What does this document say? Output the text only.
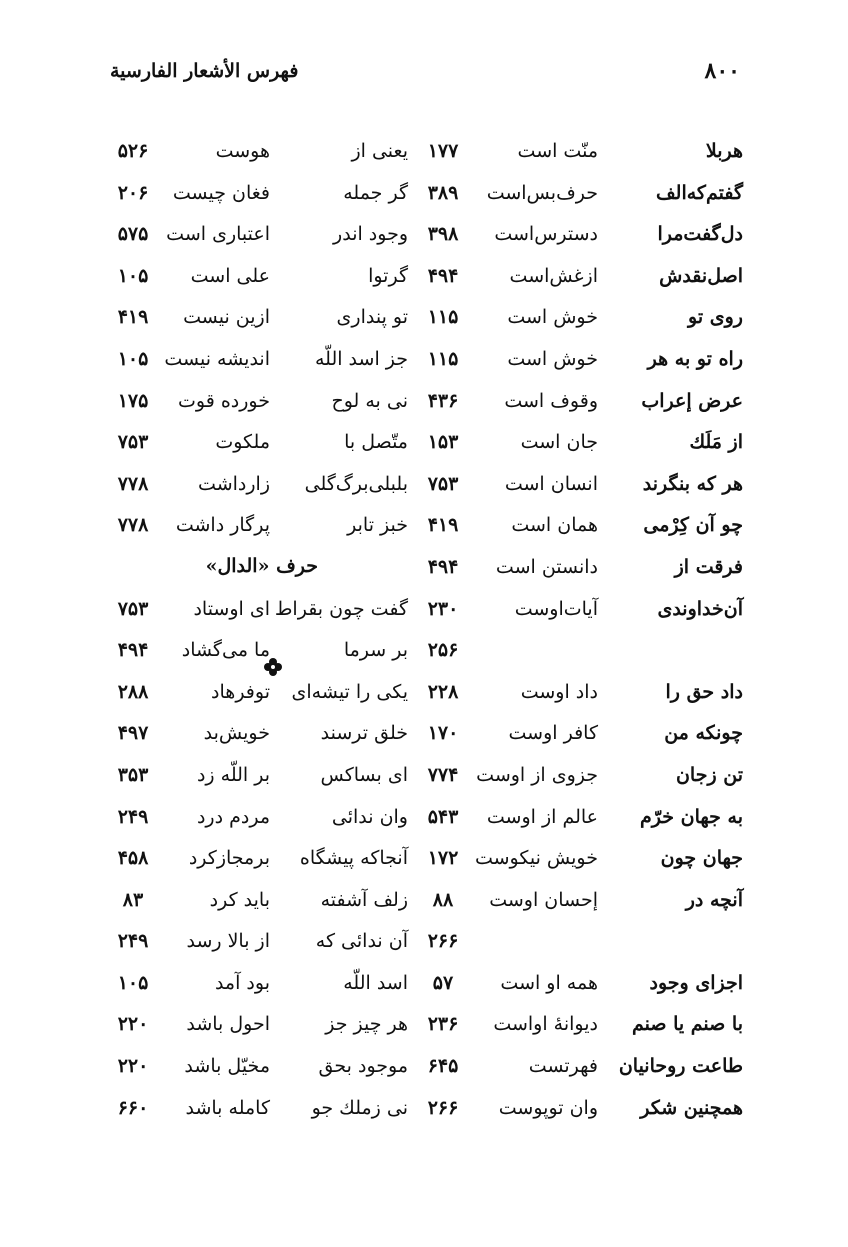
۸۰۰
فهرس الأشعار الفارسية
هربلا
منّت است
۱۷۷
یعنی از
هوست
۵۲۶
گفتم‌که‌الف
حرف‌بس‌است
۳۸۹
گر جمله
فغان چیست
۲۰۶
دل‌گفت‌مرا
دسترس‌است
۳۹۸
وجود اندر
اعتباری است
۵۷۵
اصل‌نقدش
ازغش‌است
۴۹۴
گرتوا
علی است
۱۰۵
روی تو
خوش است
۱۱۵
تو پنداری
ازین نیست
۴۱۹
راه تو به هر
خوش است
۱۱۵
جز اسد اللّه
اندیشه نیست
۱۰۵
عرض إعراب
وقوف است
۴۳۶
نی به لوح
خورده قوت
۱۷۵
از مَلَك
جان است
۱۵۳
متّصل با
ملکوت
۷۵۳
هر که بنگرند
انسان است
۷۵۳
بلبلی‌برگ‌گلی
زارداشت
۷۷۸
چو آن کِرْمی
همان است
۴۱۹
خبز تابر
پرگار داشت
۷۷۸
فرقت از
دانستن است
۴۹۴
حرف «الدال»
آن‌خداوندی
آیات‌اوست
۲۳۰
گفت چون بقراط
ای اوستاد
۷۵۳
۲۵۶
بر سرما
ما می‌گشاد
۴۹۴
داد حق را
داد اوست
۲۲۸
یکی را تیشه‌ای
توفرهاد
۲۸۸
چونکه من
کافر اوست
۱۷۰
خلق ترسند
خویش‌بد
۴۹۷
تن زجان
جزوی از اوست
۷۷۴
ای بساکس
بر اللّه زد
۳۵۳
به جهان خرّم
عالم از اوست
۵۴۳
وان ندائی
مردم درد
۲۴۹
جهان چون
خویش نیکوست
۱۷۲
آنجاکه پیشگاه
برمجازکرد
۴۵۸
آنچه در
إحسان اوست
۸۸
زلف آشفته
باید کرد
۸۳
۲۶۶
آن ندائی که
از بالا رسد
۲۴۹
اجزای وجود
همه او است
۵۷
اسد اللّه
بود آمد
۱۰۵
با صنم یا صنم
دیوانهٔ اواست
۲۳۶
هر چیز جز
احول باشد
۲۲۰
طاعت روحانیان
فهرتست
۶۴۵
موجود بحق
مخیّل باشد
۲۲۰
همچنین شکر
وان توپوست
۲۶۶
نی زملك جو
کامله باشد
۶۶۰
